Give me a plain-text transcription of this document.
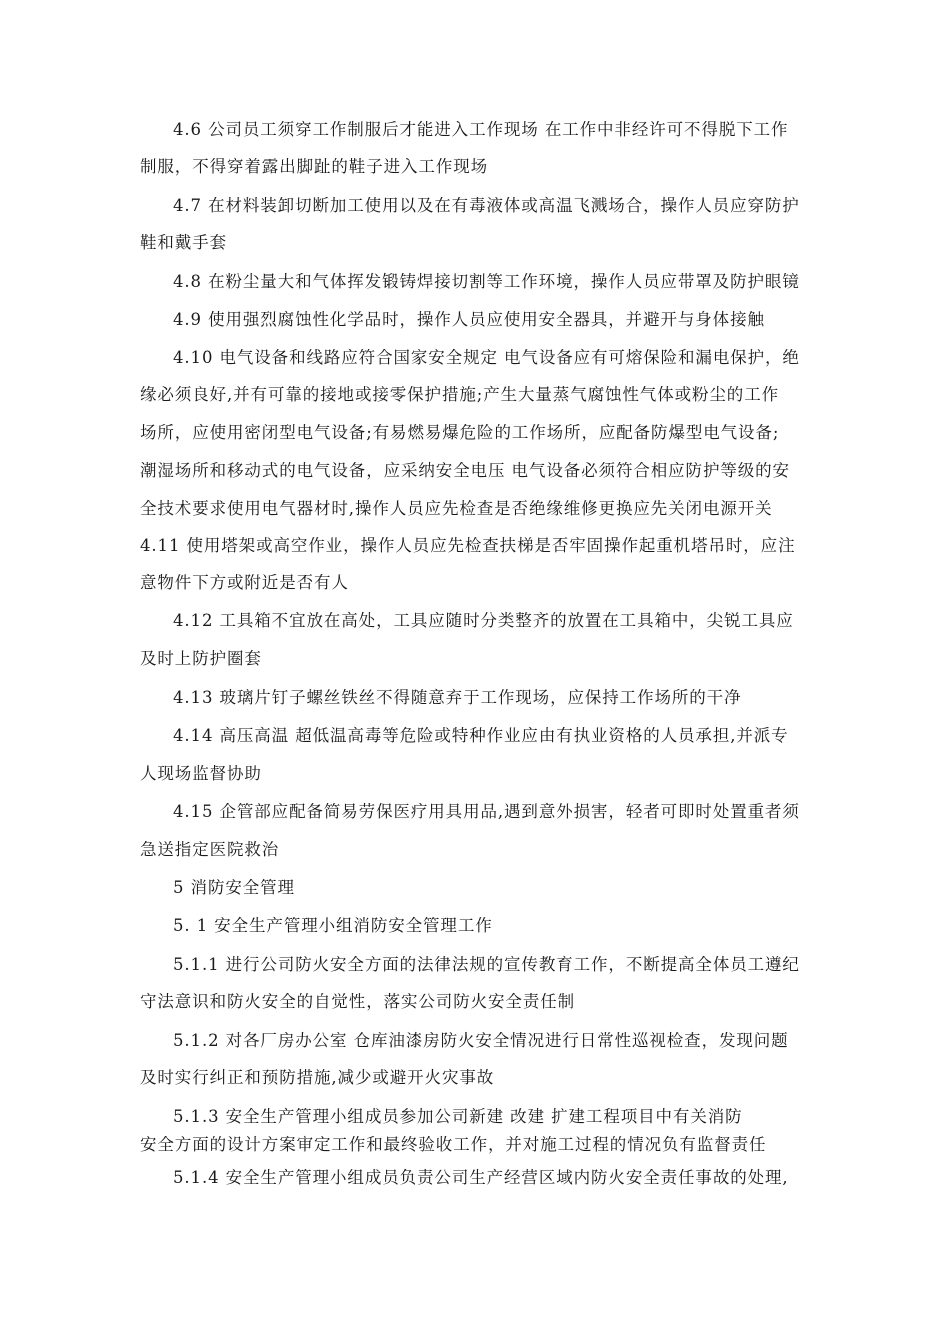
4.6 公司员工须穿工作制服后才能进入工作现场 在工作中非经许可不得脱下工作
制服，不得穿着露出脚趾的鞋子进入工作现场
4.7 在材料装卸切断加工使用以及在有毒液体或高温飞溅场合，操作人员应穿防护
鞋和戴手套
4.8 在粉尘量大和气体挥发锻铸焊接切割等工作环境，操作人员应带罩及防护眼镜
4.9 使用强烈腐蚀性化学品时，操作人员应使用安全器具，并避开与身体接触
4.10 电气设备和线路应符合国家安全规定 电气设备应有可熔保险和漏电保护，绝
缘必须良好,并有可靠的接地或接零保护措施;产生大量蒸气腐蚀性气体或粉尘的工作
场所，应使用密闭型电气设备;有易燃易爆危险的工作场所，应配备防爆型电气设备;
潮湿场所和移动式的电气设备，应采纳安全电压 电气设备必须符合相应防护等级的安
全技术要求使用电气器材时,操作人员应先检查是否绝缘维修更换应先关闭电源开关
4.11 使用塔架或高空作业，操作人员应先检查扶梯是否牢固操作起重机塔吊时，应注
意物件下方或附近是否有人
4.12 工具箱不宜放在高处，工具应随时分类整齐的放置在工具箱中，尖锐工具应
及时上防护圈套
4.13 玻璃片钉子螺丝铁丝不得随意弃于工作现场，应保持工作场所的干净
4.14 高压高温 超低温高毒等危险或特种作业应由有执业资格的人员承担,并派专
人现场监督协助
4.15 企管部应配备简易劳保医疗用具用品,遇到意外损害，轻者可即时处置重者须
急送指定医院救治
5 消防安全管理
5. 1 安全生产管理小组消防安全管理工作
5.1.1 进行公司防火安全方面的法律法规的宣传教育工作，不断提高全体员工遵纪
守法意识和防火安全的自觉性，落实公司防火安全责任制
5.1.2 对各厂房办公室 仓库油漆房防火安全情况进行日常性巡视检查，发现问题
及时实行纠正和预防措施,减少或避开火灾事故
5.1.3 安全生产管理小组成员参加公司新建 改建 扩建工程项目中有关消防
安全方面的设计方案审定工作和最终验收工作，并对施工过程的情况负有监督责任
5.1.4 安全生产管理小组成员负责公司生产经营区域内防火安全责任事故的处理,
